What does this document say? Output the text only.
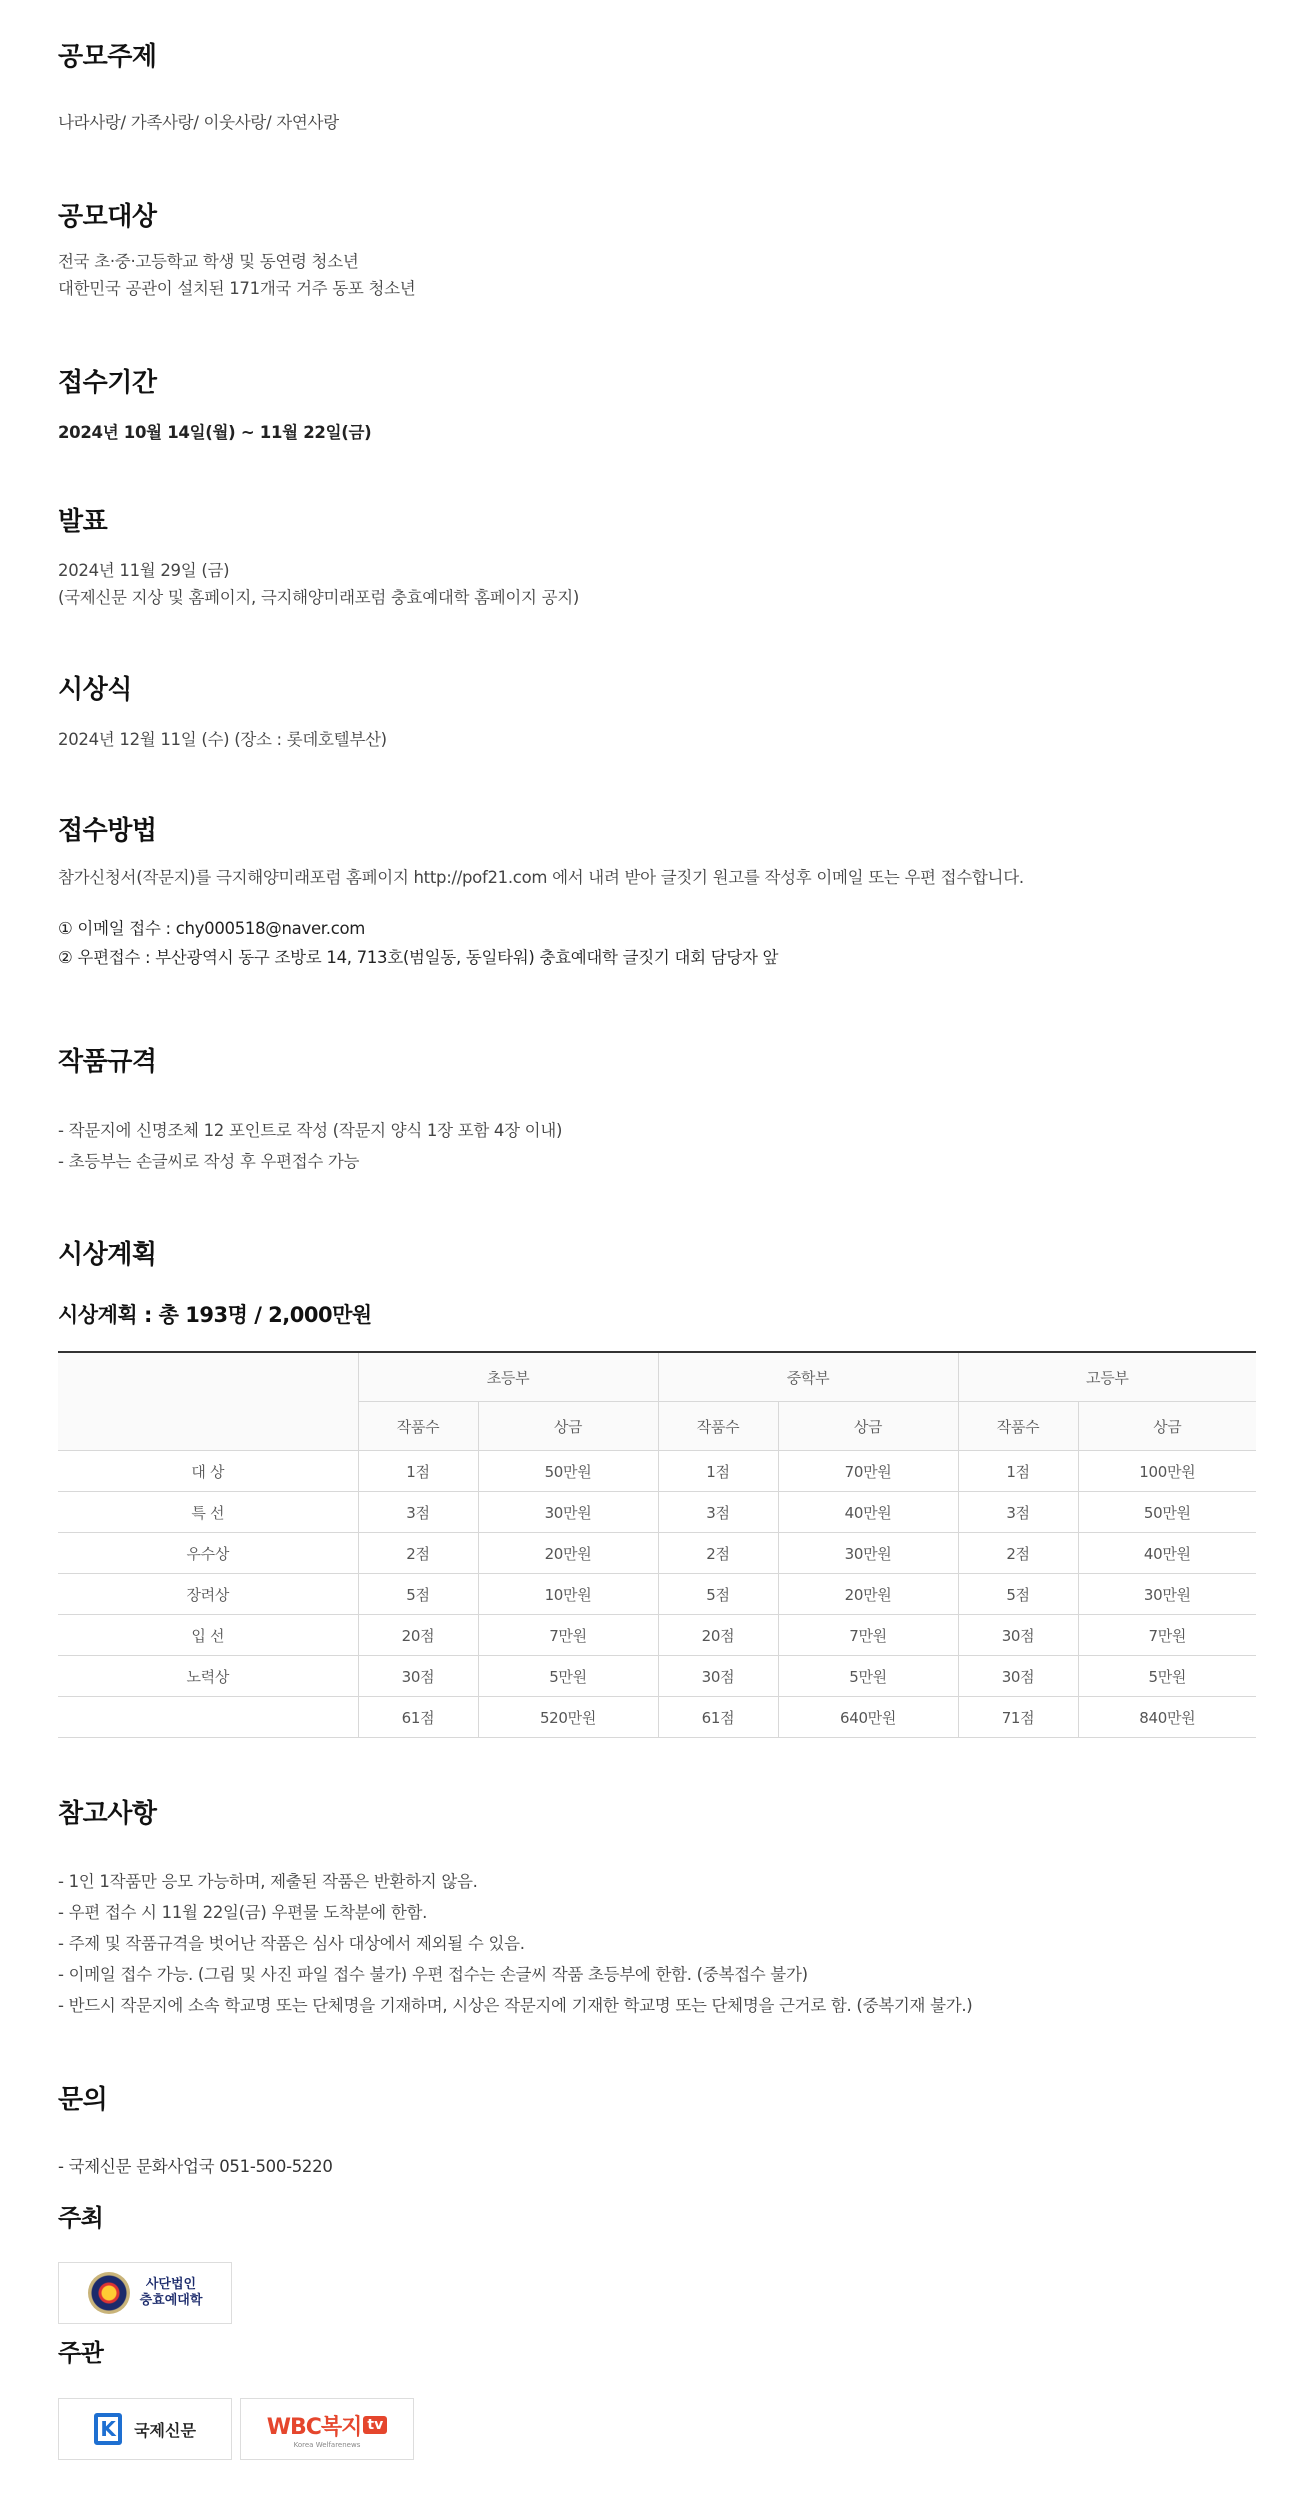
공모주제

나라사랑/ 가족사랑/ 이웃사랑/ 자연사랑

공모대상

전국 초·중·고등학교 학생 및 동연령 청소년

대한민국 공관이 설치된 171개국 거주 동포 청소년

접수기간

2024년 10월 14일(월) ~ 11월 22일(금)

발표

2024년 11월 29일 (금)

(국제신문 지상 및 홈페이지, 극지해양미래포럼 충효예대학 홈페이지 공지)

시상식

2024년 12월 11일 (수) (장소 : 롯데호텔부산)

접수방법

참가신청서(작문지)를 극지해양미래포럼 홈페이지 http://pof21.com 에서 내려 받아 글짓기 원고를 작성후 이메일 또는 우편 접수합니다.

① 이메일 접수 : chy000518@naver.com

② 우편접수 : 부산광역시 동구 조방로 14, 713호(범일동, 동일타워) 충효예대학 글짓기 대회 담당자 앞

작품규격
- 작문지에 신명조체 12 포인트로 작성 (작문지 양식 1장 포함 4장 이내)
- 초등부는 손글씨로 작성 후 우편접수 가능
시상계획

시상계획 : 총 193명 / 2,000만원

	초등부		중학부		고등부	
	작품수	상금	작품수	상금	작품수	상금
대 상	1점	50만원	1점	70만원	1점	100만원
특 선	3점	30만원	3점	40만원	3점	50만원
우수상	2점	20만원	2점	30만원	2점	40만원
장려상	5점	10만원	5점	20만원	5점	30만원
입 선	20점	7만원	20점	7만원	30점	7만원
노력상	30점	5만원	30점	5만원	30점	5만원
	61점	520만원	61점	640만원	71점	840만원
참고사항
- 1인 1작품만 응모 가능하며, 제출된 작품은 반환하지 않음.
- 우편 접수 시 11월 22일(금) 우편물 도착분에 한함.
- 주제 및 작품규격을 벗어난 작품은 심사 대상에서 제외될 수 있음.
- 이메일 접수 가능. (그림 및 사진 파일 접수 불가) 우편 접수는 손글씨 작품 초등부에 한함. (중복접수 불가)
- 반드시 작문지에 소속 학교명 또는 단체명을 기재하며, 시상은 작문지에 기재한 학교명 또는 단체명을 근거로 함. (중복기재 불가.)
문의

- 국제신문 문화사업국 051-500-5220

주최
사단법인
충효예대학
주관
K	국제신문	WBC복지 tv
Korea Welfarenews
